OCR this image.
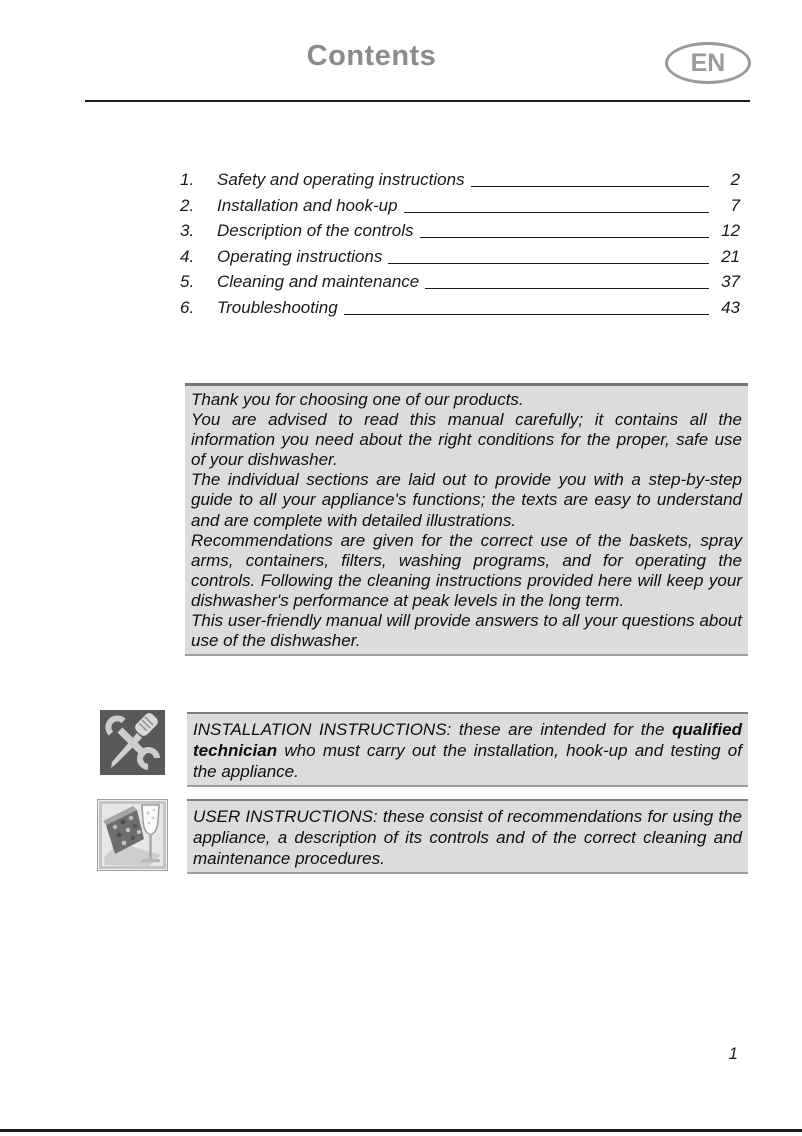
Contents	EN
1.	Safety and operating instructions	2
2.	Installation and hook-up	7
3.	Description of the controls	12
4.	Operating instructions	21
5.	Cleaning and maintenance	37
6.	Troubleshooting	43

Thank you for choosing one of our products.

You are advised to read this manual carefully; it contains all the information you need about the right conditions for the proper, safe use of your dishwasher.

The individual sections are laid out to provide you with a step-by-step guide to all your appliance's functions; the texts are easy to understand and are complete with detailed illustrations.

Recommendations are given for the correct use of the baskets, spray arms, containers, filters, washing programs, and for operating the controls. Following the cleaning instructions provided here will keep your dishwasher's performance at peak levels in the long term.

This user-friendly manual will provide answers to all your questions about use of the dishwasher.

INSTALLATION INSTRUCTIONS: these are intended for the qualified technician who must carry out the installation, hook-up and testing of the appliance.

USER INSTRUCTIONS: these consist of recommendations for using the appliance, a description of its controls and of the correct cleaning and maintenance procedures.

1
